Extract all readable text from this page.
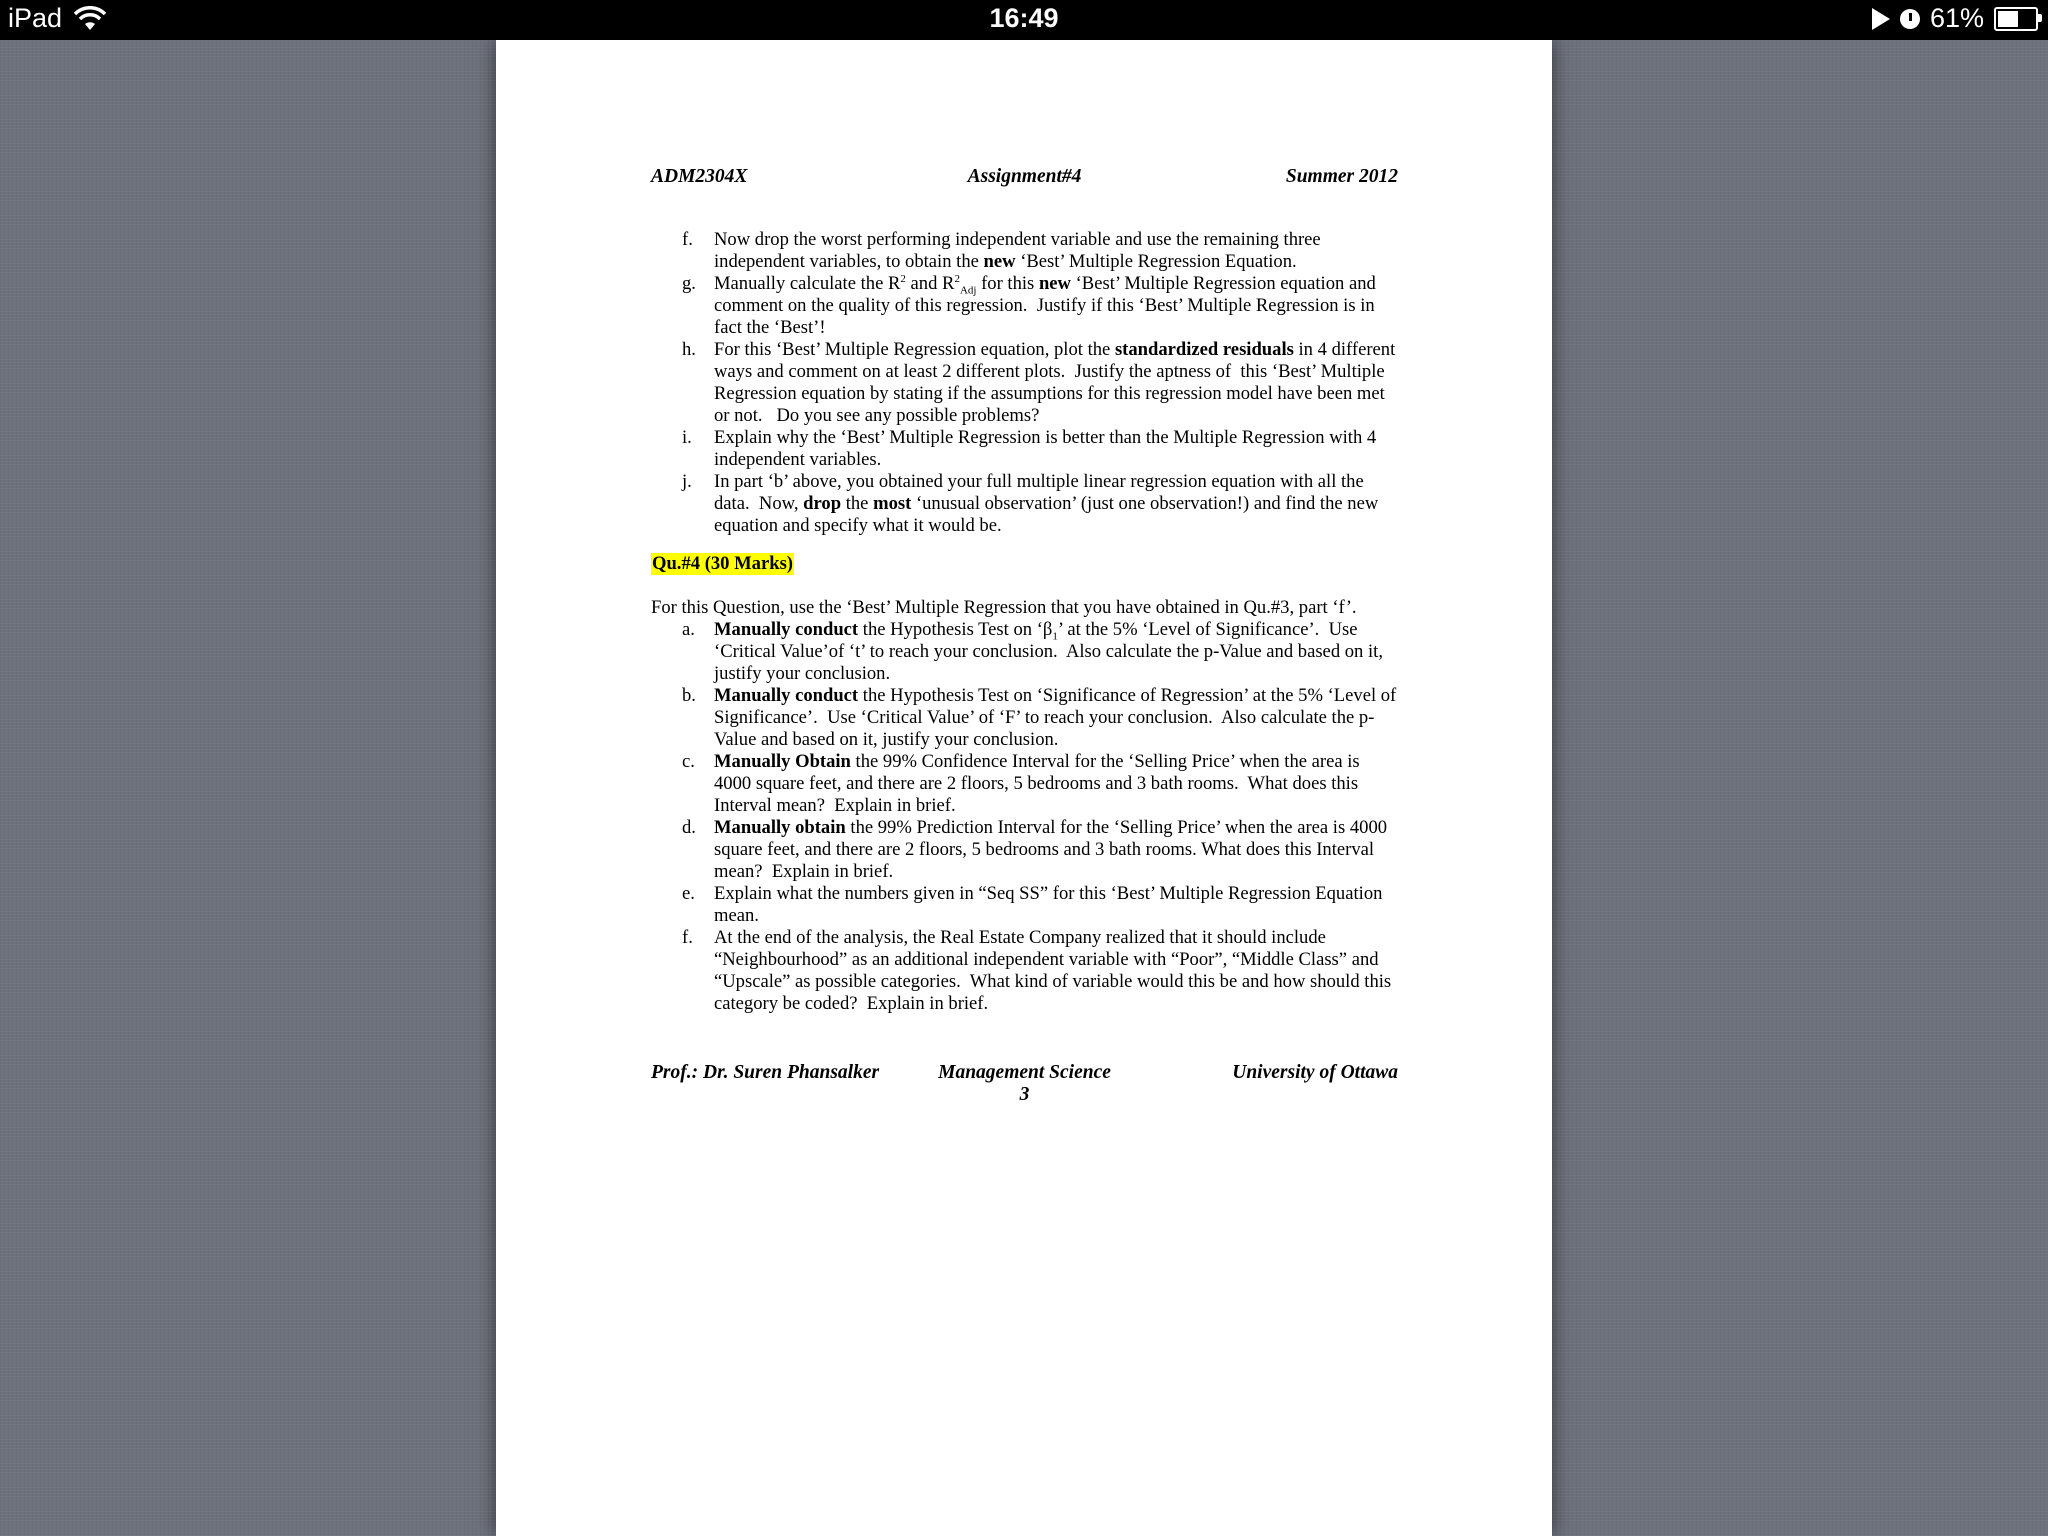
iPad	16:49	61%
ADM2304X	Assignment#4	Summer 2012
f. Now drop the worst performing independent variable and use the remaining three independent variables, to obtain the new ‘Best’ Multiple Regression Equation.
g. Manually calculate the $R^2$ and $R^2_{Adj}$ for this new ‘Best’ Multiple Regression equation and comment on the quality of this regression.  Justify if this ‘Best’ Multiple Regression is in fact the ‘Best’!
h. For this ‘Best’ Multiple Regression equation, plot the standardized residuals in 4 different ways and comment on at least 2 different plots.  Justify the aptness of  this ‘Best’ Multiple Regression equation by stating if the assumptions for this regression model have been met or not.   Do you see any possible problems?
i. Explain why the ‘Best’ Multiple Regression is better than the Multiple Regression with 4 independent variables.
j. In part ‘b’ above, you obtained your full multiple linear regression equation with all the data.  Now, drop the most ‘unusual observation’ (just one observation!) and find the new equation and specify what it would be.
Qu.#4 (30 Marks)
For this Question, use the ‘Best’ Multiple Regression that you have obtained in Qu.#3, part ‘f’.
a. Manually conduct the Hypothesis Test on ‘$\beta_1$’ at the 5% ‘Level of Significance’.  Use ‘Critical Value’of ‘t’ to reach your conclusion.  Also calculate the p-Value and based on it, justify your conclusion.
b. Manually conduct the Hypothesis Test on ‘Significance of Regression’ at the 5% ‘Level of Significance’.  Use ‘Critical Value’ of ‘F’ to reach your conclusion.  Also calculate the p-Value and based on it, justify your conclusion.
c. Manually Obtain the 99% Confidence Interval for the ‘Selling Price’ when the area is 4000 square feet, and there are 2 floors, 5 bedrooms and 3 bath rooms.  What does this Interval mean?  Explain in brief.
d. Manually obtain the 99% Prediction Interval for the ‘Selling Price’ when the area is 4000 square feet, and there are 2 floors, 5 bedrooms and 3 bath rooms. What does this Interval mean?  Explain in brief.
e. Explain what the numbers given in “Seq SS” for this ‘Best’ Multiple Regression Equation mean.
f. At the end of the analysis, the Real Estate Company realized that it should include “Neighbourhood” as an additional independent variable with “Poor”, “Middle Class” and “Upscale” as possible categories.  What kind of variable would this be and how should this category be coded?  Explain in brief.
Prof.: Dr. Suren Phansalker	Management Science	University of Ottawa
3
